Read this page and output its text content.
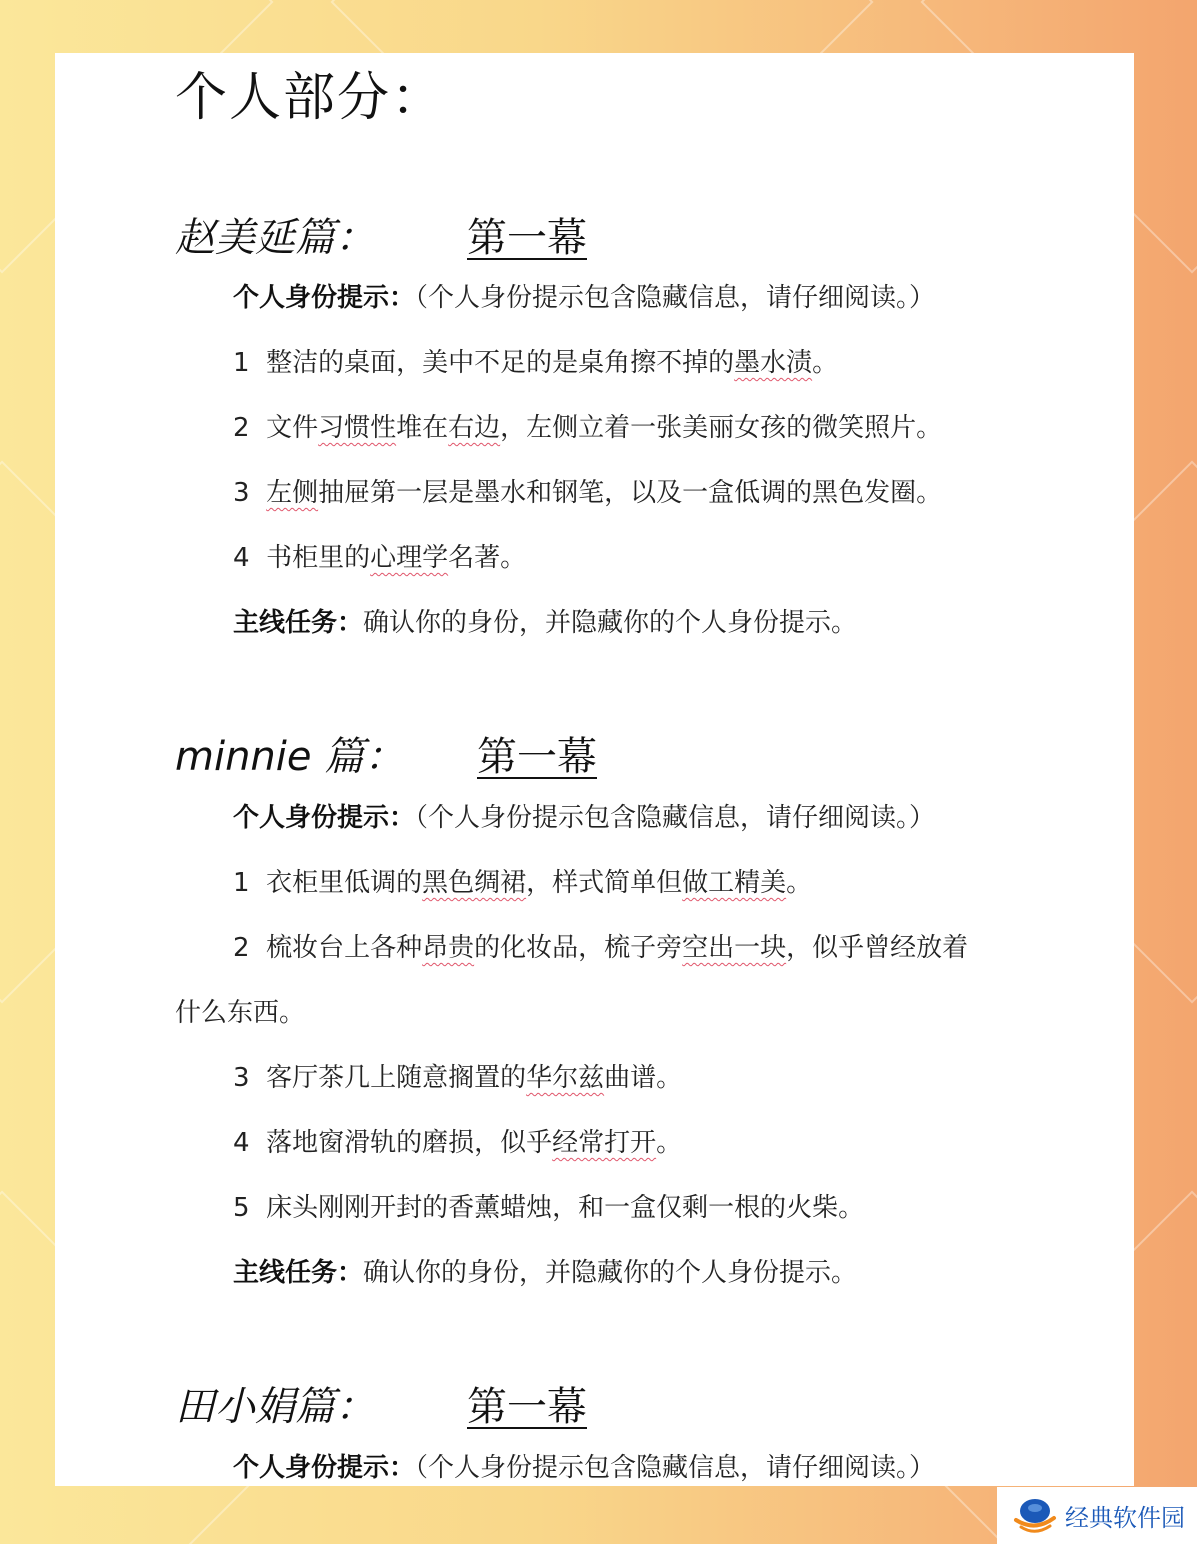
个人部分：
赵美延篇： 第一幕
个人身份提示：（个人身份提示包含隐藏信息，请仔细阅读。）
1 整洁的桌面，美中不足的是桌角擦不掉的墨水渍。
2 文件习惯性堆在右边，左侧立着一张美丽女孩的微笑照片。
3 左侧抽屉第一层是墨水和钢笔，以及一盒低调的黑色发圈。
4 书柜里的心理学名著。
主线任务：确认你的身份，并隐藏你的个人身份提示。
minnie 篇： 第一幕
个人身份提示：（个人身份提示包含隐藏信息，请仔细阅读。）
1 衣柜里低调的黑色绸裙，样式简单但做工精美。
2 梳妆台上各种昂贵的化妆品，梳子旁空出一块，似乎曾经放着
什么东西。
3 客厅茶几上随意搁置的华尔兹曲谱。
4 落地窗滑轨的磨损，似乎经常打开。
5 床头刚刚开封的香薰蜡烛，和一盒仅剩一根的火柴。
主线任务：确认你的身份，并隐藏你的个人身份提示。
田小娟篇： 第一幕
个人身份提示：（个人身份提示包含隐藏信息，请仔细阅读。）
经典软件园
